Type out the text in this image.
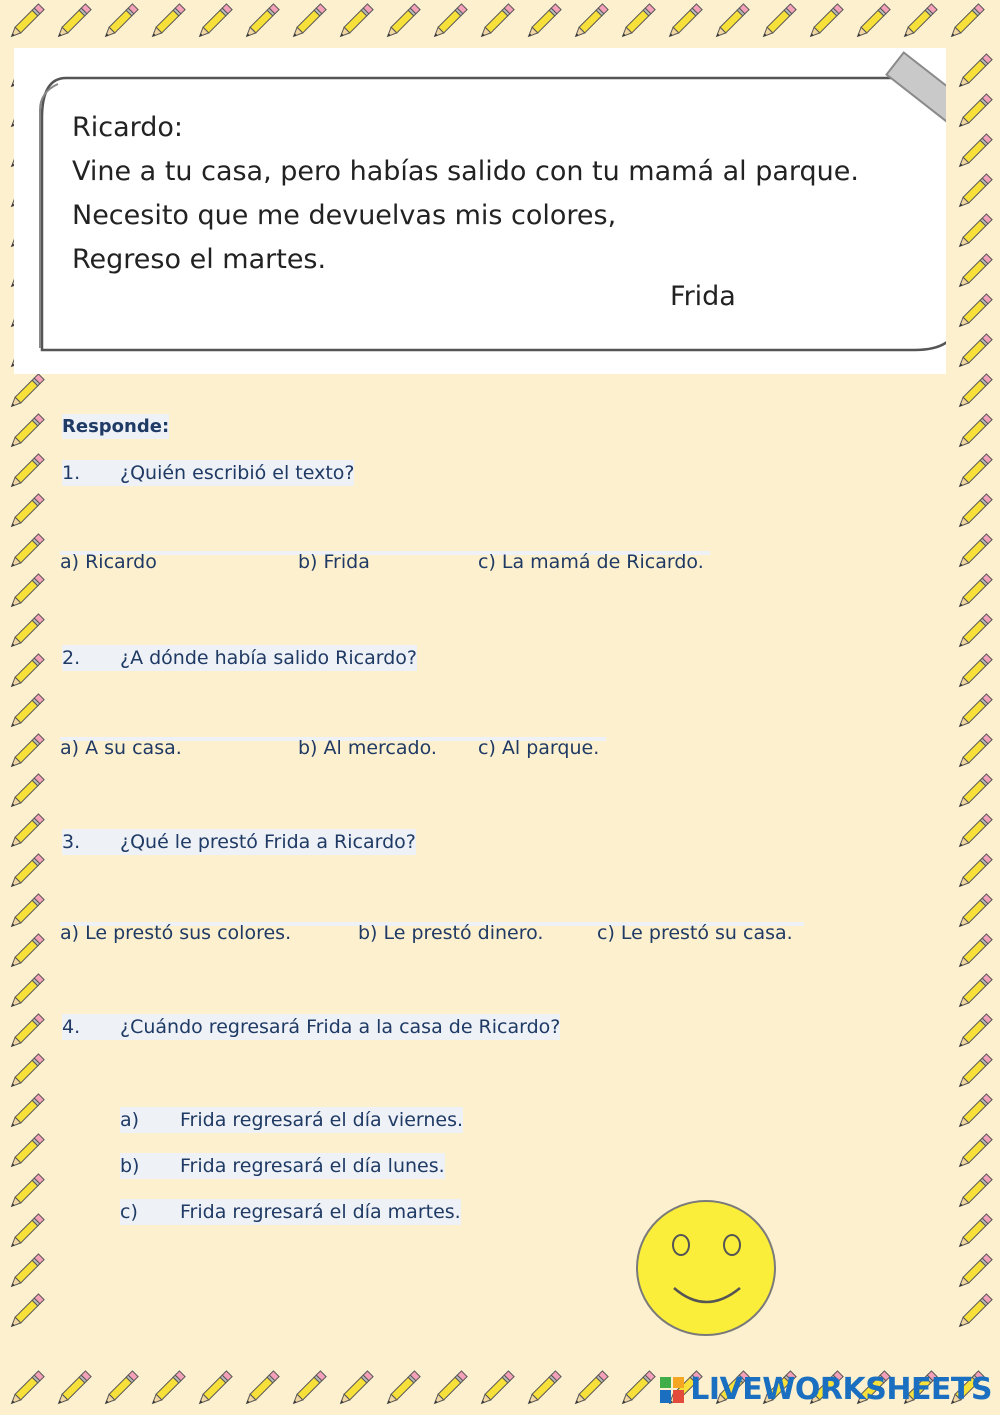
Ricardo:
Vine a tu casa, pero habías salido con tu mamá al parque.
Necesito que me devuelvas mis colores,
Regreso el martes.
Frida
Responde:
1. ¿Quién escribió el texto?
a) Ricardo	b) Frida	c) La mamá de Ricardo.
2. ¿A dónde había salido Ricardo?
a) A su casa.	b) Al mercado. c) Al parque.
3. ¿Qué le prestó Frida a Ricardo?
a) Le prestó sus colores.	b) Le prestó dinero.	c) Le prestó su casa.
4. ¿Cuándo regresará Frida a la casa de Ricardo?
a) Frida regresará el día viernes.
b) Frida regresará el día lunes.
c) Frida regresará el día martes.
LIVEWORKSHEETS
